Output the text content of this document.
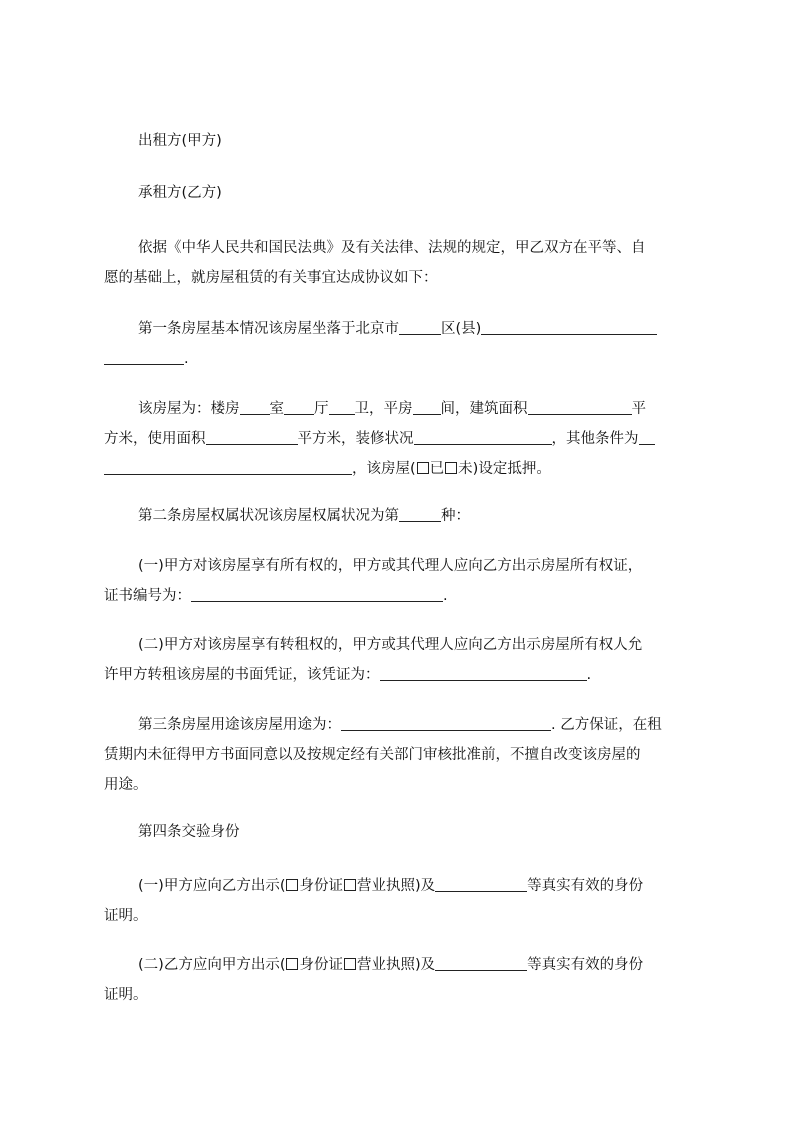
出租方(甲方)
承租方(乙方)
依据《中华人民共和国民法典》及有关法律、法规的规定，甲乙双方在平等、自
愿的基础上，就房屋租赁的有关事宜达成协议如下：
第一条房屋基本情况该房屋坐落于北京市	区(县)
.
该房屋为：楼房 室 厅 卫，平房 间，建筑面积	平
方米，使用面积	平方米，装修状况	，其他条件为
，该房屋( 已 未)设定抵押。
第二条房屋权属状况该房屋权属状况为第	种：
(一)甲方对该房屋享有所有权的，甲方或其代理人应向乙方出示房屋所有权证，
证书编号为：	.
(二)甲方对该房屋享有转租权的，甲方或其代理人应向乙方出示房屋所有权人允
许甲方转租该房屋的书面凭证，该凭证为：	.
第三条房屋用途该房屋用途为：	. 乙方保证，在租
赁期内未征得甲方书面同意以及按规定经有关部门审核批准前，不擅自改变该房屋的
用途。
第四条交验身份
(一)甲方应向乙方出示( 身份证 营业执照)及	等真实有效的身份
证明。
(二)乙方应向甲方出示( 身份证 营业执照)及	等真实有效的身份
证明。
